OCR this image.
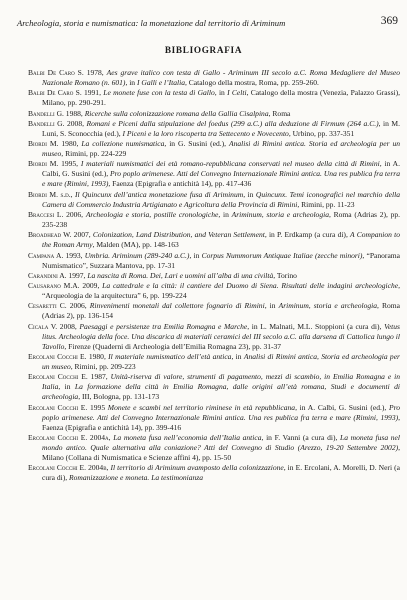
Archeologia, storia e numismatica: la monetazione dal territorio di Ariminum	369
BIBLIOGRAFIA

Balbi De Caro S. 1978, Aes grave italico con testa di Gallo - Ariminum III secolo a.C. Roma Medagliere del Museo Nazionale Romano (n. 601), in I Galli e l’Italia, Catalogo della mostra, Roma, pp. 259-260.

Balbi De Caro S. 1991, Le monete fuse con la testa di Gallo, in I Celti, Catalogo della mostra (Venezia, Palazzo Grassi), Milano, pp. 290-291.

Bandelli G. 1988, Ricerche sulla colonizzazione romana della Gallia Cisalpina, Roma

Bandelli G. 2008, Romani e Piceni dalla stipulazione del foedus (299 a.C.) alla deduzione di Firmum (264 a.C.), in M. Luni, S. Sconocchia (ed.), I Piceni e la loro riscoperta tra Settecento e Novecento, Urbino, pp. 337-351

Biordi M. 1980, La collezione numismatica, in G. Susini (ed.), Analisi di Rimini antica. Storia ed archeologia per un museo, Rimini, pp. 224-229

Biordi M. 1995, I materiali numismatici dei età romano-repubblicana conservati nel museo della città di Rimini, in A. Calbi, G. Susini (ed.), Pro poplo arimenese. Atti del Convegno Internazionale Rimini antica. Una res publica fra terra e mare (Rimini, 1993), Faenza (Epigrafia e antichità 14), pp. 417-436

Biordi M. s.d., Il Quincunx dell’antica monetazione fusa di Ariminum, in Quincunx. Temi iconografici nel marchio della Camera di Commercio Industria Artigianato e Agricoltura della Provincia di Rimini, Rimini, pp. 11-23

Braccesi L. 2006, Archeologia e storia, postille cronologiche, in Ariminum, storia e archeologia, Roma (Adrias 2), pp. 235-238

Broadhead W. 2007, Colonization, Land Distribution, and Veteran Settlement, in P. Erdkamp (a cura di), A Companion to the Roman Army, Malden (MA), pp. 148-163

Campana A. 1993, Umbria. Ariminum (289-240 a.C.), in Corpus Nummorum Antiquae Italiae (zecche minori), “Panorama Numismatico”, Suzzara Mantova, pp. 17-31

Carandini A. 1997, La nascita di Roma. Dei, Lari e uomini all’alba di una civiltà, Torino

Causarano M.A. 2009, La cattedrale e la città: il cantiere del Duomo di Siena. Risultati delle indagini archeologiche, “Arqueologia de la arquitectura” 6, pp. 199-224

Cesaretti C. 2006, Rinvenimenti monetali dal collettore fognario di Rimini, in Ariminum, storia e archeologia, Roma (Adrias 2), pp. 136-154

Cicala V. 2008, Paesaggi e persistenze tra Emilia Romagna e Marche, in L. Malnati, M.L. Stoppioni (a cura di), Vetus litus. Archeologia della foce. Una discarica di materiali ceramici del III secolo a.C. alla darsena di Cattolica lungo il Tavollo, Firenze (Quaderni di Archeologia dell’Emilia Romagna 23), pp. 31-37

Ercolani Cocchi E. 1980, Il materiale numismatico dell’età antica, in Analisi di Rimini antica, Storia ed archeologia per un museo, Rimini, pp. 209-223

Ercolani Cocchi E. 1987, Unità-riserva di valore, strumenti di pagamento, mezzi di scambio, in Emilia Romagna e in Italia, in La formazione della città in Emilia Romagna, dalle origini all’età romana, Studi e documenti di archeologia, III, Bologna, pp. 131-173

Ercolani Cocchi E. 1995 Monete e scambi nel territorio riminese in età repubblicana, in A. Calbi, G. Susini (ed.), Pro poplo arimenese. Atti del Convegno Internazionale Rimini antica. Una res publica fra terra e mare (Rimini, 1993), Faenza (Epigrafia e antichità 14), pp. 399-416

Ercolani Cocchi E. 2004a, La moneta fusa nell’economia dell’Italia antica, in F. Vanni (a cura di), La moneta fusa nel mondo antico. Quale alternativa alla coniazione? Atti del Convegno di Studio (Arezzo, 19-20 Settembre 2002), Milano (Collana di Numismatica e Scienze affini 4), pp. 15-50

Ercolani Cocchi E. 2004b, Il territorio di Ariminum avamposto della colonizzazione, in E. Ercolani, A. Morelli, D. Neri (a cura di), Romanizzazione e moneta. La testimonianza
